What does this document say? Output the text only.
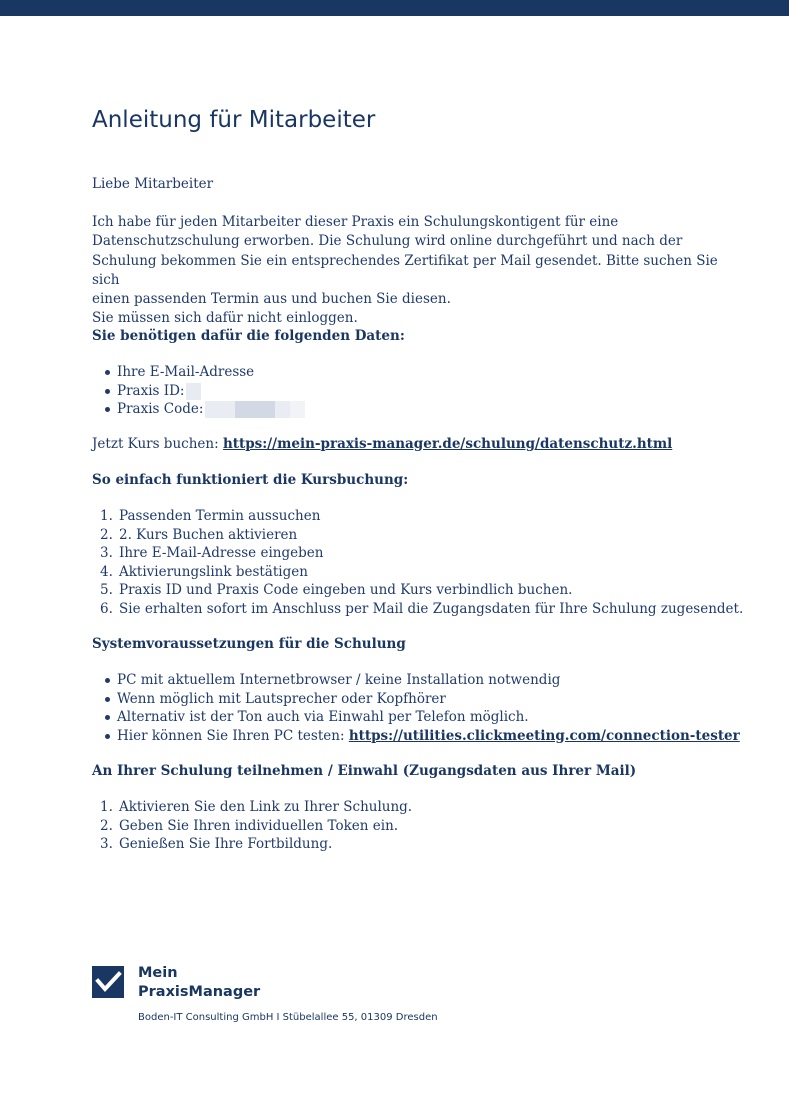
Anleitung für Mitarbeiter

Liebe Mitarbeiter

Ich habe für jeden Mitarbeiter dieser Praxis ein Schulungskontigent für eine
Datenschutzschulung erworben. Die Schulung wird online durchgeführt und nach der
Schulung bekommen Sie ein entsprechendes Zertifikat per Mail gesendet. Bitte suchen Sie sich
einen passenden Termin aus und buchen Sie diesen.
Sie müssen sich dafür nicht einloggen.

Sie benötigen dafür die folgenden Daten:

Ihre E-Mail-Adresse
Praxis ID:
Praxis Code:

Jetzt Kurs buchen: https://mein-praxis-manager.de/schulung/datenschutz.html

So einfach funktioniert die Kursbuchung:

1. Passenden Termin aussuchen
2. 2. Kurs Buchen aktivieren
3. Ihre E-Mail-Adresse eingeben
4. Aktivierungslink bestätigen
5. Praxis ID und Praxis Code eingeben und Kurs verbindlich buchen.
6. Sie erhalten sofort im Anschluss per Mail die Zugangsdaten für Ihre Schulung zugesendet.

Systemvoraussetzungen für die Schulung

PC mit aktuellem Internetbrowser / keine Installation notwendig
Wenn möglich mit Lautsprecher oder Kopfhörer
Alternativ ist der Ton auch via Einwahl per Telefon möglich.
Hier können Sie Ihren PC testen: https://utilities.clickmeeting.com/connection-tester

An Ihrer Schulung teilnehmen / Einwahl (Zugangsdaten aus Ihrer Mail)

1. Aktivieren Sie den Link zu Ihrer Schulung.
2. Geben Sie Ihren individuellen Token ein.
3. Genießen Sie Ihre Fortbildung.

Mein
PraxisManager

Boden-IT Consulting GmbH I Stübelallee 55, 01309 Dresden
